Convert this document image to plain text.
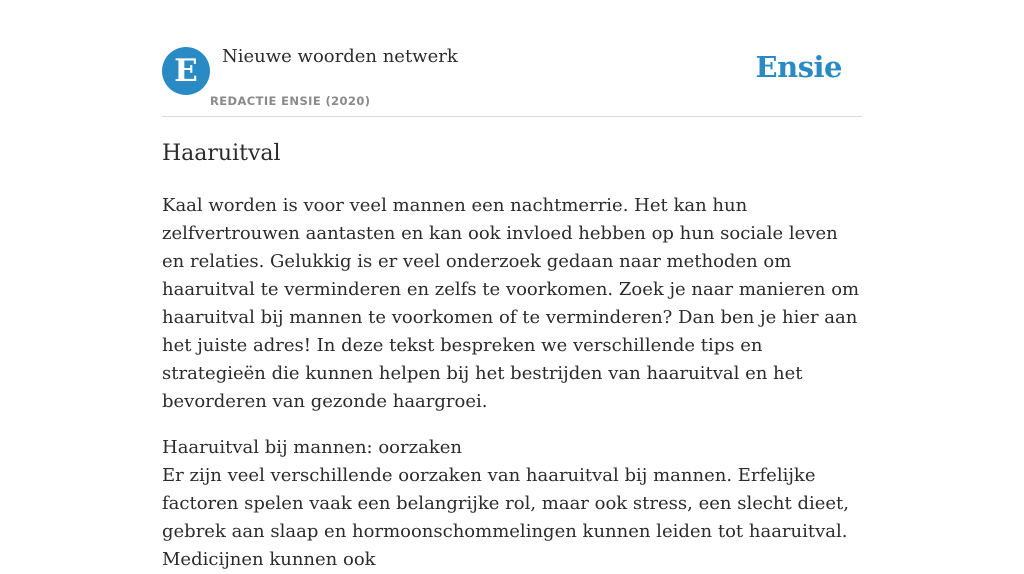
E	Nieuwe woorden netwerk
REDACTIE ENSIE (2020)
Ensie
Haaruitval

Kaal worden is voor veel mannen een nachtmerrie. Het kan hun zelfvertrouwen aantasten en kan ook invloed hebben op hun sociale leven en relaties. Gelukkig is er veel onderzoek gedaan naar methoden om haaruitval te verminderen en zelfs te voorkomen. Zoek je naar manieren om haaruitval bij mannen te voorkomen of te verminderen? Dan ben je hier aan het juiste adres! In deze tekst bespreken we verschillende tips en strategieën die kunnen helpen bij het bestrijden van haaruitval en het bevorderen van gezonde haargroei.

Haaruitval bij mannen: oorzaken
Er zijn veel verschillende oorzaken van haaruitval bij mannen. Erfelijke factoren spelen vaak een belangrijke rol, maar ook stress, een slecht dieet, gebrek aan slaap en hormoonschommelingen kunnen leiden tot haaruitval. Medicijnen kunnen ook
